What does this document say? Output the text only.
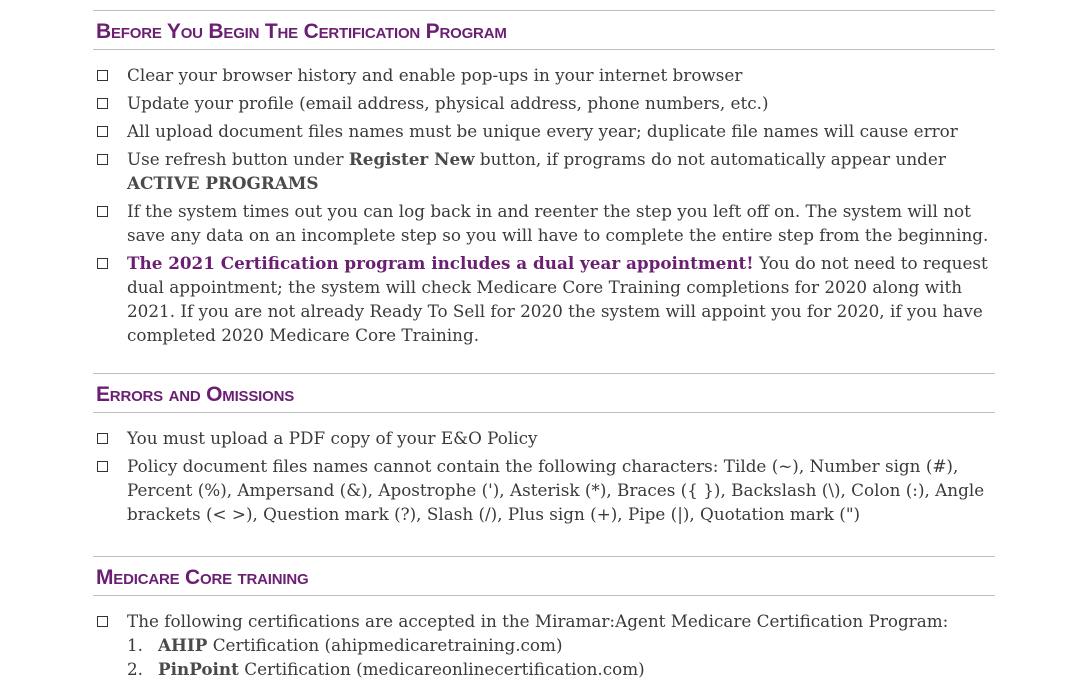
Before You Begin The Certification Program
Clear your browser history and enable pop-ups in your internet browser
Update your profile (email address, physical address, phone numbers, etc.)
All upload document files names must be unique every year; duplicate file names will cause error
Use refresh button under Register New button, if programs do not automatically appear under ACTIVE PROGRAMS
If the system times out you can log back in and reenter the step you left off on. The system will not save any data on an incomplete step so you will have to complete the entire step from the beginning.
The 2021 Certification program includes a dual year appointment! You do not need to request dual appointment; the system will check Medicare Core Training completions for 2020 along with 2021. If you are not already Ready To Sell for 2020 the system will appoint you for 2020, if you have completed 2020 Medicare Core Training.
Errors and Omissions
You must upload a PDF copy of your E&O Policy
Policy document files names cannot contain the following characters: Tilde (~), Number sign (#), Percent (%), Ampersand (&), Apostrophe ('), Asterisk (*), Braces ({ }), Backslash (\), Colon (:), Angle brackets (< >), Question mark (?), Slash (/), Plus sign (+), Pipe (|), Quotation mark (")
Medicare Core training
The following certifications are accepted in the Miramar:Agent Medicare Certification Program:
1. AHIP Certification (ahipmedicaretraining.com)
2. PinPoint Certification (medicareonlinecertification.com)
